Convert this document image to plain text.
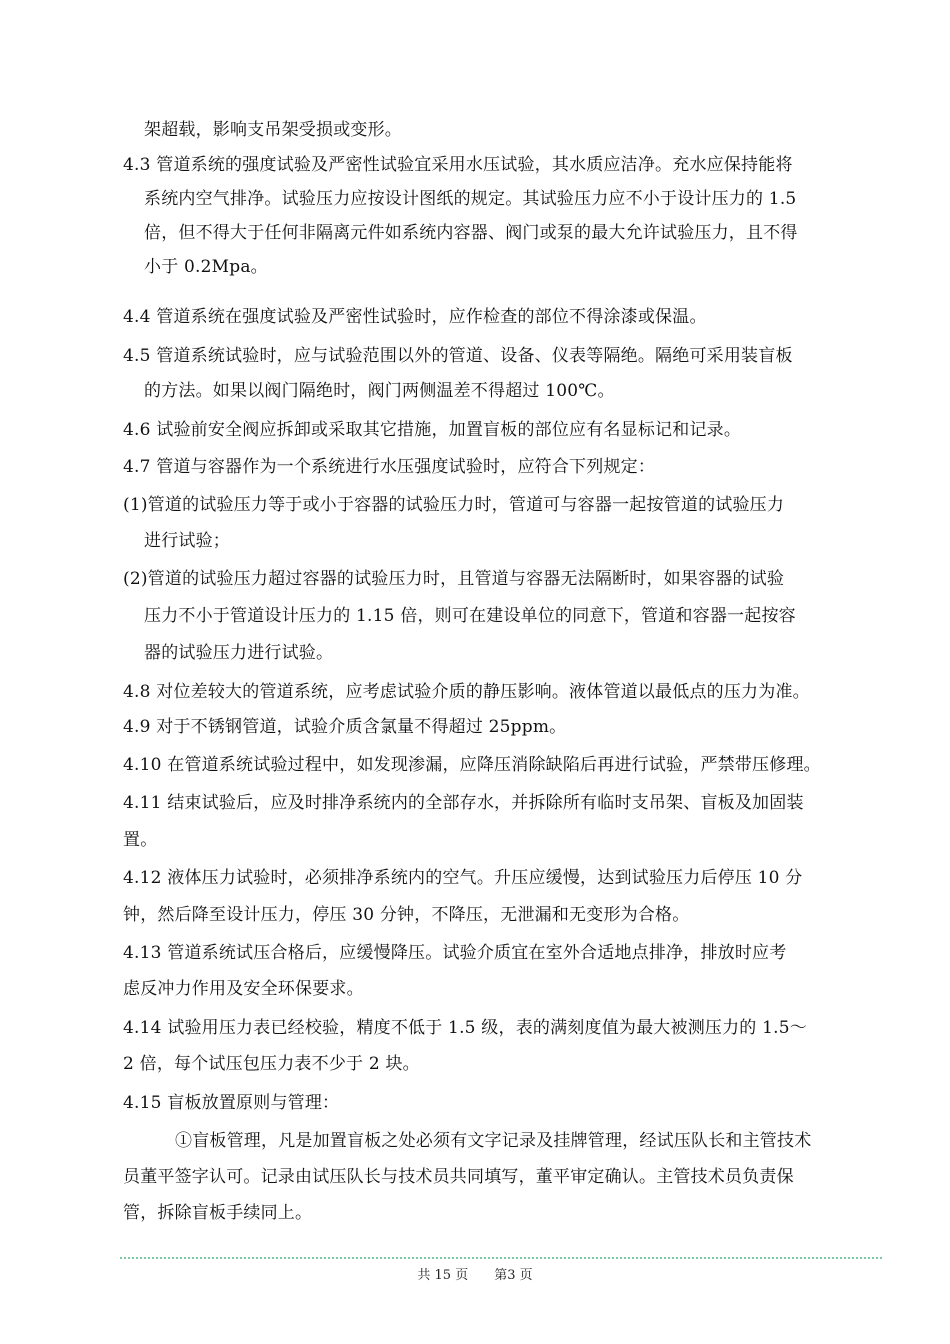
架超载，影响支吊架受损或变形。
4.3 管道系统的强度试验及严密性试验宜采用水压试验，其水质应洁净。充水应保持能将
系统内空气排净。试验压力应按设计图纸的规定。其试验压力应不小于设计压力的 1.5
倍，但不得大于任何非隔离元件如系统内容器、阀门或泵的最大允许试验压力，且不得
小于 0.2Mpa。
4.4 管道系统在强度试验及严密性试验时，应作检查的部位不得涂漆或保温。
4.5 管道系统试验时，应与试验范围以外的管道、设备、仪表等隔绝。隔绝可采用装盲板
的方法。如果以阀门隔绝时，阀门两侧温差不得超过 100℃。
4.6 试验前安全阀应拆卸或采取其它措施，加置盲板的部位应有名显标记和记录。
4.7 管道与容器作为一个系统进行水压强度试验时，应符合下列规定：
(1)管道的试验压力等于或小于容器的试验压力时，管道可与容器一起按管道的试验压力
进行试验；
(2)管道的试验压力超过容器的试验压力时，且管道与容器无法隔断时，如果容器的试验
压力不小于管道设计压力的 1.15 倍，则可在建设单位的同意下，管道和容器一起按容
器的试验压力进行试验。
4.8 对位差较大的管道系统，应考虑试验介质的静压影响。液体管道以最低点的压力为准。
4.9 对于不锈钢管道，试验介质含氯量不得超过 25ppm。
4.10 在管道系统试验过程中，如发现渗漏，应降压消除缺陷后再进行试验，严禁带压修理。
4.11 结束试验后，应及时排净系统内的全部存水，并拆除所有临时支吊架、盲板及加固装
置。
4.12 液体压力试验时，必须排净系统内的空气。升压应缓慢，达到试验压力后停压 10 分
钟，然后降至设计压力，停压 30 分钟，不降压，无泄漏和无变形为合格。
4.13 管道系统试压合格后，应缓慢降压。试验介质宜在室外合适地点排净，排放时应考
虑反冲力作用及安全环保要求。
4.14 试验用压力表已经校验，精度不低于 1.5 级，表的满刻度值为最大被测压力的 1.5～
2 倍，每个试压包压力表不少于 2 块。
4.15 盲板放置原则与管理：
①盲板管理，凡是加置盲板之处必须有文字记录及挂牌管理，经试压队长和主管技术
员董平签字认可。记录由试压队长与技术员共同填写，董平审定确认。主管技术员负责保
管，拆除盲板手续同上。
共 15 页 第3 页
